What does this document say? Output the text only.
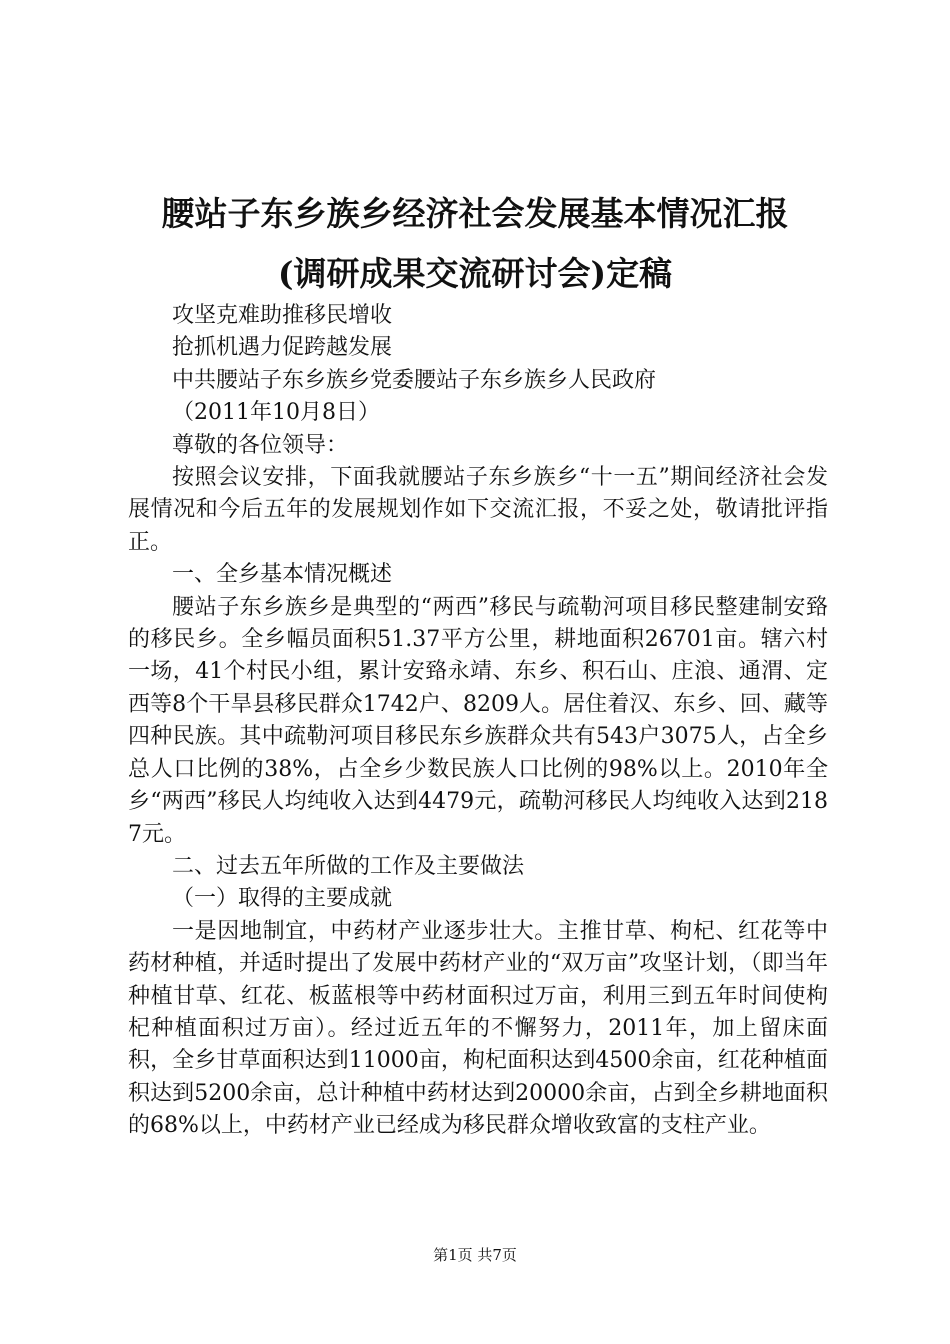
腰站子东乡族乡经济社会发展基本情况汇报
(调研成果交流研讨会)定稿

攻坚克难助推移民增收

抢抓机遇力促跨越发展

中共腰站子东乡族乡党委腰站子东乡族乡人民政府

（2011年10月8日）

尊敬的各位领导：

按照会议安排，下面我就腰站子东乡族乡“十一五”期间经济社会发展情况和今后五年的发展规划作如下交流汇报，不妥之处，敬请批评指正。

一、全乡基本情况概述

腰站子东乡族乡是典型的“两西”移民与疏勒河项目移民整建制安臵的移民乡。全乡幅员面积51.37平方公里，耕地面积26701亩。辖六村一场，41个村民小组，累计安臵永靖、东乡、积石山、庄浪、通渭、定西等8个干旱县移民群众1742户、8209人。居住着汉、东乡、回、藏等四种民族。其中疏勒河项目移民东乡族群众共有543户3075人，占全乡总人口比例的38%，占全乡少数民族人口比例的98%以上。2010年全乡“两西”移民人均纯收入达到4479元，疏勒河移民人均纯收入达到2187元。

二、过去五年所做的工作及主要做法

（一）取得的主要成就

一是因地制宜，中药材产业逐步壮大。主推甘草、枸杞、红花等中药材种植，并适时提出了发展中药材产业的“双万亩”攻坚计划，（即当年种植甘草、红花、板蓝根等中药材面积过万亩，利用三到五年时间使枸杞种植面积过万亩）。经过近五年的不懈努力，2011年，加上留床面积，全乡甘草面积达到11000亩，枸杞面积达到4500余亩，红花种植面积达到5200余亩，总计种植中药材达到20000余亩，占到全乡耕地面积的68%以上，中药材产业已经成为移民群众增收致富的支柱产业。

第1页 共7页
